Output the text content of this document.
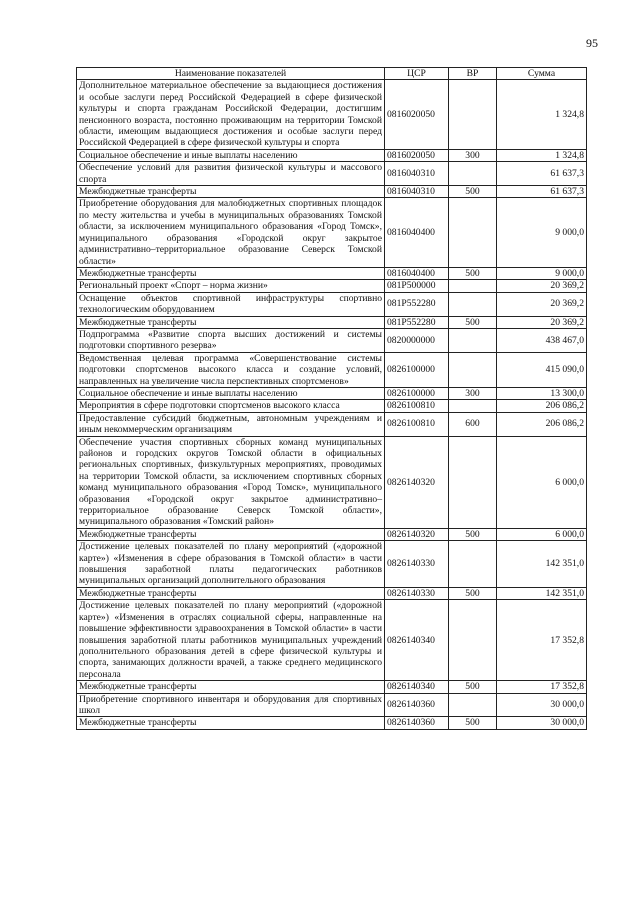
95
Наименование показателей	ЦСР	ВР	Сумма
Дополнительное материальное обеспечение за выдающиеся достижения и особые заслуги перед Российской Федерацией в сфере физической культуры и спорта гражданам Российской Федерации, достигшим пенсионного возраста, постоянно проживающим на территории Томской области, имеющим выдающиеся достижения и особые заслуги перед Российской Федерацией в сфере физической культуры и спорта	0816020050		1 324,8
Социальное обеспечение и иные выплаты населению	0816020050	300	1 324,8
Обеспечение условий для развития физической культуры и массового спорта	0816040310		61 637,3
Межбюджетные трансферты	0816040310	500	61 637,3
Приобретение оборудования для малобюджетных спортивных площадок по месту жительства и учебы в муниципальных образованиях Томской области, за исключением муниципального образования «Город Томск», муниципального образования «Городской округ закрытое административно–территориальное образование Северск Томской области»	0816040400		9 000,0
Межбюджетные трансферты	0816040400	500	9 000,0
Региональный проект «Спорт – норма жизни»	081P500000		20 369,2
Оснащение объектов спортивной инфраструктуры спортивно технологическим оборудованием	081P552280		20 369,2
Межбюджетные трансферты	081P552280	500	20 369,2
Подпрограмма «Развитие спорта высших достижений и системы подготовки спортивного резерва»	0820000000		438 467,0
Ведомственная целевая программа «Совершенствование системы подготовки спортсменов высокого класса и создание условий, направленных на увеличение числа перспективных спортсменов»	0826100000		415 090,0
Социальное обеспечение и иные выплаты населению	0826100000	300	13 300,0
Мероприятия в сфере подготовки спортсменов высокого класса	0826100810		206 086,2
Предоставление субсидий бюджетным, автономным учреждениям и иным некоммерческим организациям	0826100810	600	206 086,2
Обеспечение участия спортивных сборных команд муниципальных районов и городских округов Томской области в официальных региональных спортивных, физкультурных мероприятиях, проводимых на территории Томской области, за исключением спортивных сборных команд муниципального образования «Город Томск», муниципального образования «Городской округ закрытое административно–территориальное образование Северск Томской области», муниципального образования «Томский район»	0826140320		6 000,0
Межбюджетные трансферты	0826140320	500	6 000,0
Достижение целевых показателей по плану мероприятий («дорожной карте») «Изменения в сфере образования в Томской области» в части повышения заработной платы педагогических работников муниципальных организаций дополнительного образования	0826140330		142 351,0
Межбюджетные трансферты	0826140330	500	142 351,0
Достижение целевых показателей по плану мероприятий («дорожной карте») «Изменения в отраслях социальной сферы, направленные на повышение эффективности здравоохранения в Томской области» в части повышения заработной платы работников муниципальных учреждений дополнительного образования детей в сфере физической культуры и спорта, занимающих должности врачей, а также среднего медицинского персонала	0826140340		17 352,8
Межбюджетные трансферты	0826140340	500	17 352,8
Приобретение спортивного инвентаря и оборудования для спортивных школ	0826140360		30 000,0
Межбюджетные трансферты	0826140360	500	30 000,0
